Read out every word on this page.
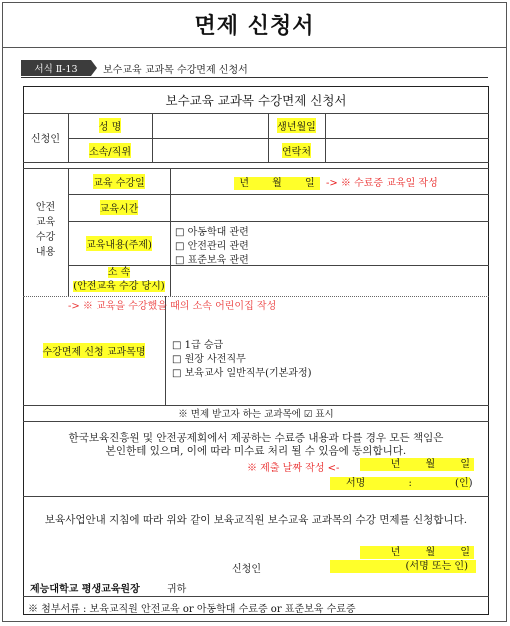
면제 신청서
서식 Ⅱ-13	보수교육 교과목 수강면제 신청서
보수교육 교과목 수강면제 신청서
신청인
성 명	생년월일
소속/직위	연락처
안전
교육
수강
내용
교육 수강일	년 월 일	-> ※ 수료증 교육일 작성
교육시간
교육내용(주제)
□ 아동학대 관련
□ 안전관리 관련
□ 표준보육 관련
소 속
(안전교육 수강 당시)
-> ※ 교육을 수강했을 때의 소속 어린이집 작성
수강면제 신청 교과목명
□ 1급 승급
□ 원장 사전직무
□ 보육교사 일반직무(기본과정)
※ 면제 받고자 하는 교과목에 ☑ 표시
한국보육진흥원 및 안전공제회에서 제공하는 수료증 내용과 다를 경우 모든 책임은
본인한테 있으며, 이에 따라 미수료 처리 될 수 있음에 동의합니다.
※ 제출 날짜 작성 <-	년 월 일
서명 : (인)
보육사업안내 지침에 따라 위와 같이 보육교직원 보수교육 교과목의 수강 면제를 신청합니다.
년 월 일
신청인	(서명 또는 인)
제능대학교 평생교육원장	귀하
※ 첨부서류 : 보육교직원 안전교육 or 아동학대 수료증 or 표준보육 수료증
